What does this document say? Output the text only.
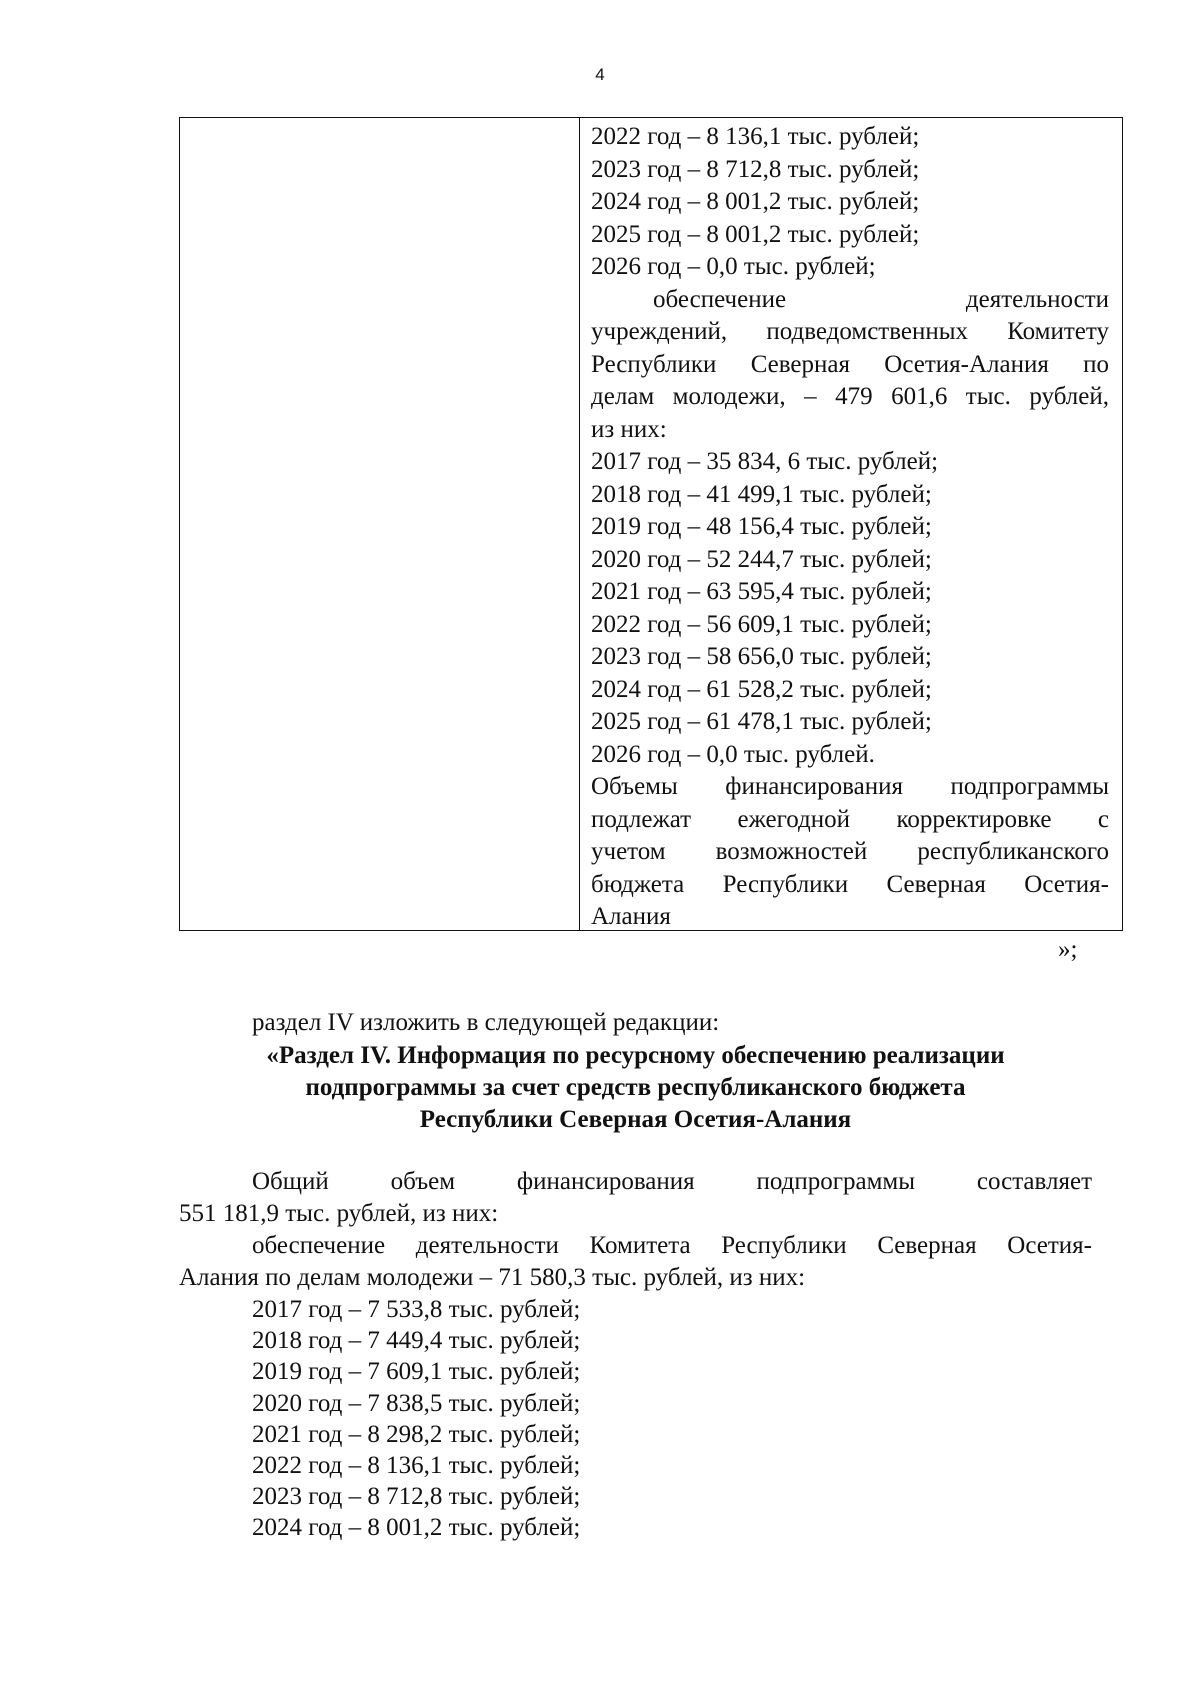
4
2022 год – 8 136,1 тыс. рублей;
2023 год – 8 712,8 тыс. рублей;
2024 год – 8 001,2 тыс. рублей;
2025 год – 8 001,2 тыс. рублей;
2026 год – 0,0 тыс. рублей;
обеспечение деятельности
учреждений, подведомственных Комитету
Республики Северная Осетия-Алания по
делам молодежи, – 479 601,6 тыс. рублей,
из них:
2017 год – 35 834, 6 тыс. рублей;
2018 год – 41 499,1 тыс. рублей;
2019 год – 48 156,4 тыс. рублей;
2020 год – 52 244,7 тыс. рублей;
2021 год – 63 595,4 тыс. рублей;
2022 год – 56 609,1 тыс. рублей;
2023 год – 58 656,0 тыс. рублей;
2024 год – 61 528,2 тыс. рублей;
2025 год – 61 478,1 тыс. рублей;
2026 год – 0,0 тыс. рублей.
Объемы финансирования подпрограммы
подлежат ежегодной корректировке с
учетом возможностей республиканского
бюджета Республики Северная Осетия-
Алания
»;
раздел IV изложить в следующей редакции:
«Раздел IV. Информация по ресурсному обеспечению реализации
подпрограммы за счет средств республиканского бюджета
Республики Северная Осетия-Алания
Общий объем финансирования подпрограммы составляет
551 181,9 тыс. рублей, из них:
обеспечение деятельности Комитета Республики Северная Осетия-
Алания по делам молодежи – 71 580,3 тыс. рублей, из них:
2017 год – 7 533,8 тыс. рублей;
2018 год – 7 449,4 тыс. рублей;
2019 год – 7 609,1 тыс. рублей;
2020 год – 7 838,5 тыс. рублей;
2021 год – 8 298,2 тыс. рублей;
2022 год – 8 136,1 тыс. рублей;
2023 год – 8 712,8 тыс. рублей;
2024 год – 8 001,2 тыс. рублей;
